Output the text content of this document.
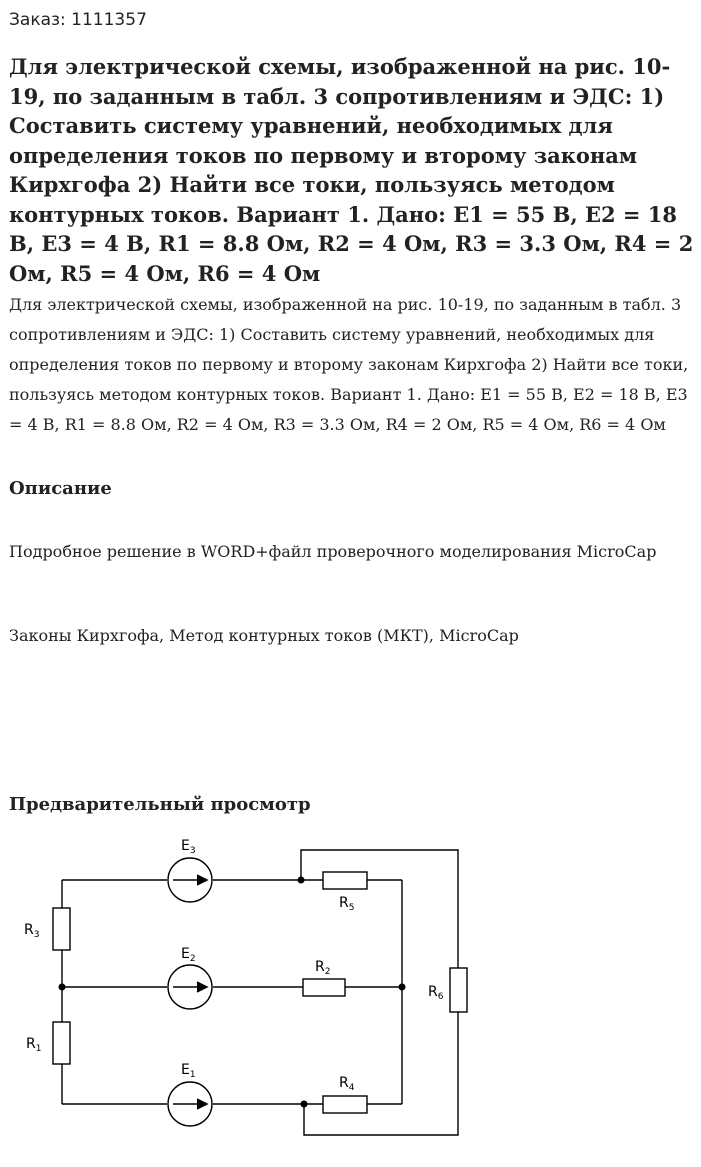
Заказ: 1111357
Для электрической схемы, изображенной на рис. 10-19, по заданным в табл. 3 сопротивлениям и ЭДС: 1) Составить систему уравнений, необходимых для определения токов по первому и второму законам Кирхгофа 2) Найти все токи, пользуясь методом контурных токов. Вариант 1. Дано: E1 = 55 В, E2 = 18 В, E3 = 4 В, R1 = 8.8 Ом, R2 = 4 Ом, R3 = 3.3 Ом, R4 = 2 Ом, R5 = 4 Ом, R6 = 4 Ом

Для электрической схемы, изображенной на рис. 10-19, по заданным в табл. 3 сопротивлениям и ЭДС: 1) Составить систему уравнений, необходимых для определения токов по первому и второму законам Кирхгофа 2) Найти все токи, пользуясь методом контурных токов. Вариант 1. Дано: E1 = 55 В, E2 = 18 В, E3 = 4 В, R1 = 8.8 Ом, R2 = 4 Ом, R3 = 3.3 Ом, R4 = 2 Ом, R5 = 4 Ом, R6 = 4 Ом

Описание

Подробное решение в WORD+файл проверочного моделирования MicroCap

Законы Кирхгофа, Метод контурных токов (МКТ), MicroCap

Предварительный просмотр
$E_3$
$E_2$
$E_1$
$R_3$
$R_1$
$R_5$
$R_2$
$R_4$
$R_6$
